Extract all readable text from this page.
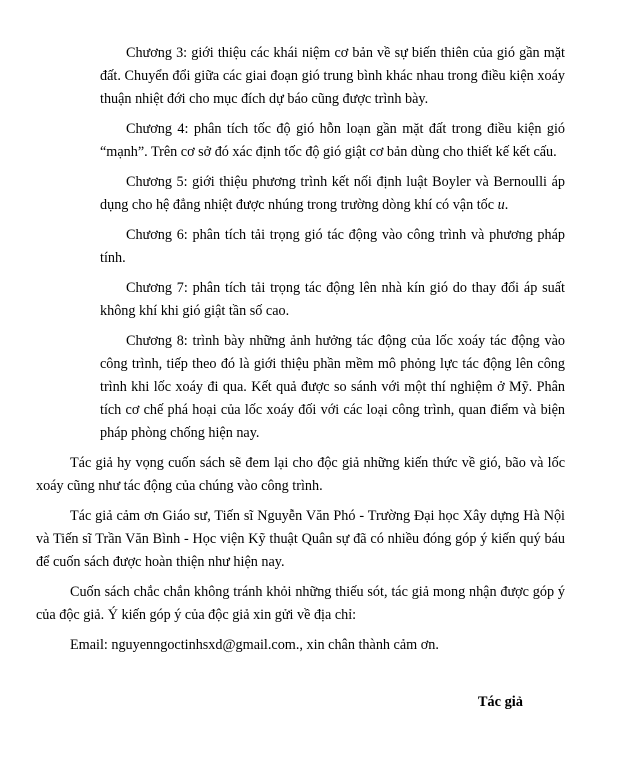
Chương 3: giới thiệu các khái niệm cơ bản về sự biến thiên của gió gần mặt đất. Chuyển đổi giữa các giai đoạn gió trung bình khác nhau trong điều kiện xoáy thuận nhiệt đới cho mục đích dự báo cũng được trình bày.

Chương 4: phân tích tốc độ gió hỗn loạn gần mặt đất trong điều kiện gió “mạnh”. Trên cơ sở đó xác định tốc độ gió giật cơ bản dùng cho thiết kế kết cấu.

Chương 5: giới thiệu phương trình kết nối định luật Boyler và Bernoulli áp dụng cho hệ đẳng nhiệt được nhúng trong trường dòng khí có vận tốc u.

Chương 6: phân tích tải trọng gió tác động vào công trình và phương pháp tính.

Chương 7: phân tích tải trọng tác động lên nhà kín gió do thay đổi áp suất không khí khi gió giật tần số cao.

Chương 8: trình bày những ảnh hưởng tác động của lốc xoáy tác động vào công trình, tiếp theo đó là giới thiệu phần mềm mô phỏng lực tác động lên công trình khi lốc xoáy đi qua. Kết quả được so sánh với một thí nghiệm ở Mỹ. Phân tích cơ chế phá hoại của lốc xoáy đối với các loại công trình, quan điểm và biện pháp phòng chống hiện nay.

Tác giả hy vọng cuốn sách sẽ đem lại cho độc giả những kiến thức về gió, bão và lốc xoáy cũng như tác động của chúng vào công trình.

Tác giả cảm ơn Giáo sư, Tiến sĩ Nguyễn Văn Phó - Trường Đại học Xây dựng Hà Nội và Tiến sĩ Trần Văn Bình - Học viện Kỹ thuật Quân sự đã có nhiều đóng góp ý kiến quý báu để cuốn sách được hoàn thiện như hiện nay.

Cuốn sách chắc chắn không tránh khỏi những thiếu sót, tác giả mong nhận được góp ý của độc giả. Ý kiến góp ý của độc giả xin gửi về địa chỉ:

Email: nguyenngoctinhsxd@gmail.com., xin chân thành cảm ơn.

Tác giả
